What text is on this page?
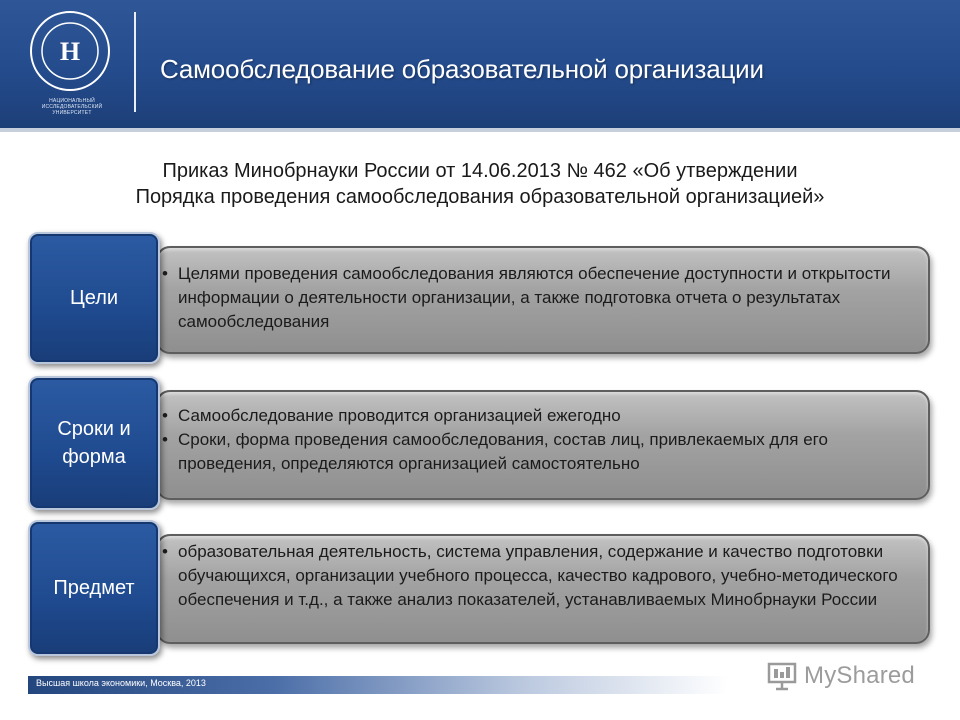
Н
НАЦИОНАЛЬНЫЙ ИССЛЕДОВАТЕЛЬСКИЙ
УНИВЕРСИТЕТ
Самообследование образовательной организации
Приказ Минобрнауки России от 14.06.2013 № 462 «Об утверждении
Порядка проведения самообследования образовательной организацией»
Цели
• Целями проведения самообследования являются обеспечение доступности и открытости информации о деятельности организации, а также подготовка отчета о результатах самообследования
Сроки и форма
• Самообследование проводится организацией ежегодно
• Сроки, форма проведения самообследования, состав лиц, привлекаемых для его проведения, определяются организацией самостоятельно
Предмет
• образовательная деятельность, система управления, содержание и качество подготовки обучающихся, организации учебного процесса, качество кадрового, учебно-методического обеспечения и т.д., а также анализ показателей, устанавливаемых Минобрнауки России
Высшая школа экономики, Москва, 2013	MyShared
